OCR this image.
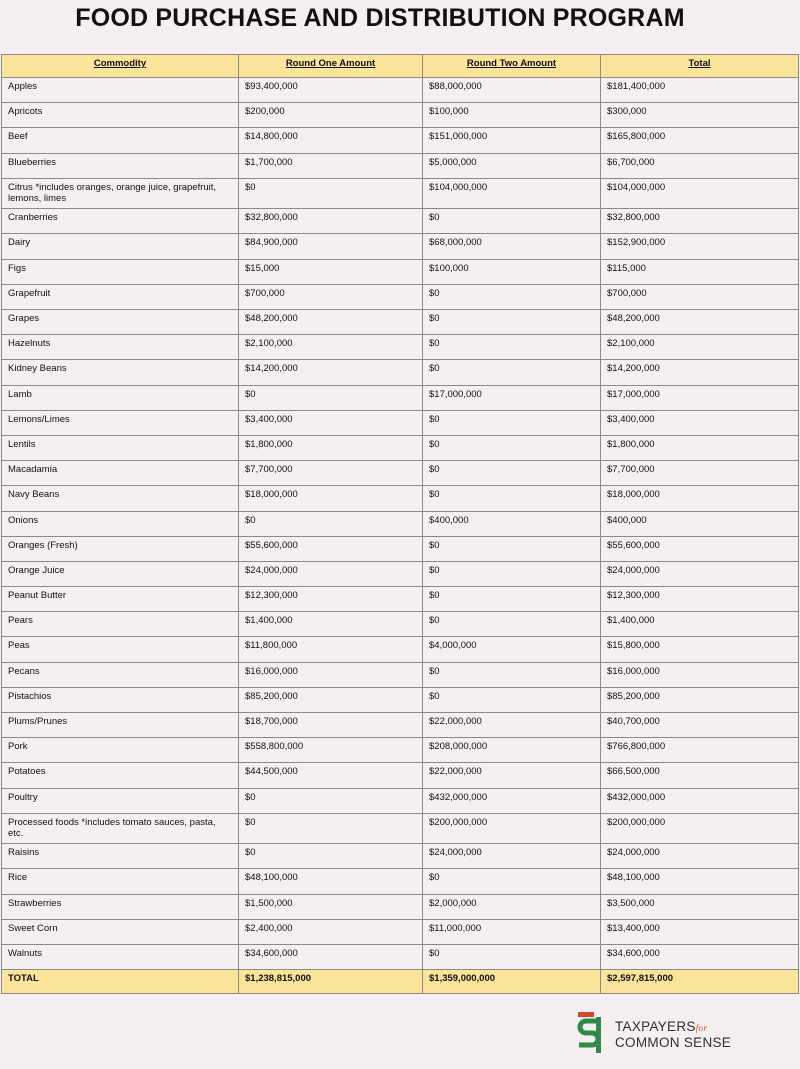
FOOD PURCHASE AND DISTRIBUTION PROGRAM
Commodity	Round One Amount	Round Two Amount	Total
Apples	$93,400,000	$88,000,000	$181,400,000
Apricots	$200,000	$100,000	$300,000
Beef	$14,800,000	$151,000,000	$165,800,000
Blueberries	$1,700,000	$5,000,000	$6,700,000
Citrus *includes oranges, orange juice, grapefruit, lemons, limes	$0	$104,000,000	$104,000,000
Cranberries	$32,800,000	$0	$32,800,000
Dairy	$84,900,000	$68,000,000	$152,900,000
Figs	$15,000	$100,000	$115,000
Grapefruit	$700,000	$0	$700,000
Grapes	$48,200,000	$0	$48,200,000
Hazelnuts	$2,100,000	$0	$2,100,000
Kidney Beans	$14,200,000	$0	$14,200,000
Lamb	$0	$17,000,000	$17,000,000
Lemons/Limes	$3,400,000	$0	$3,400,000
Lentils	$1,800,000	$0	$1,800,000
Macadamia	$7,700,000	$0	$7,700,000
Navy Beans	$18,000,000	$0	$18,000,000
Onions	$0	$400,000	$400,000
Oranges (Fresh)	$55,600,000	$0	$55,600,000
Orange Juice	$24,000,000	$0	$24,000,000
Peanut Butter	$12,300,000	$0	$12,300,000
Pears	$1,400,000	$0	$1,400,000
Peas	$11,800,000	$4,000,000	$15,800,000
Pecans	$16,000,000	$0	$16,000,000
Pistachios	$85,200,000	$0	$85,200,000
Plums/Prunes	$18,700,000	$22,000,000	$40,700,000
Pork	$558,800,000	$208,000,000	$766,800,000
Potatoes	$44,500,000	$22,000,000	$66,500,000
Poultry	$0	$432,000,000	$432,000,000
Processed foods *includes tomato sauces, pasta, etc.	$0	$200,000,000	$200,000,000
Raisins	$0	$24,000,000	$24,000,000
Rice	$48,100,000	$0	$48,100,000
Strawberries	$1,500,000	$2,000,000	$3,500,000
Sweet Corn	$2,400,000	$11,000,000	$13,400,000
Walnuts	$34,600,000	$0	$34,600,000
TOTAL	$1,238,815,000	$1,359,000,000	$2,597,815,000
TAXPAYERSfor
COMMON SENSE
